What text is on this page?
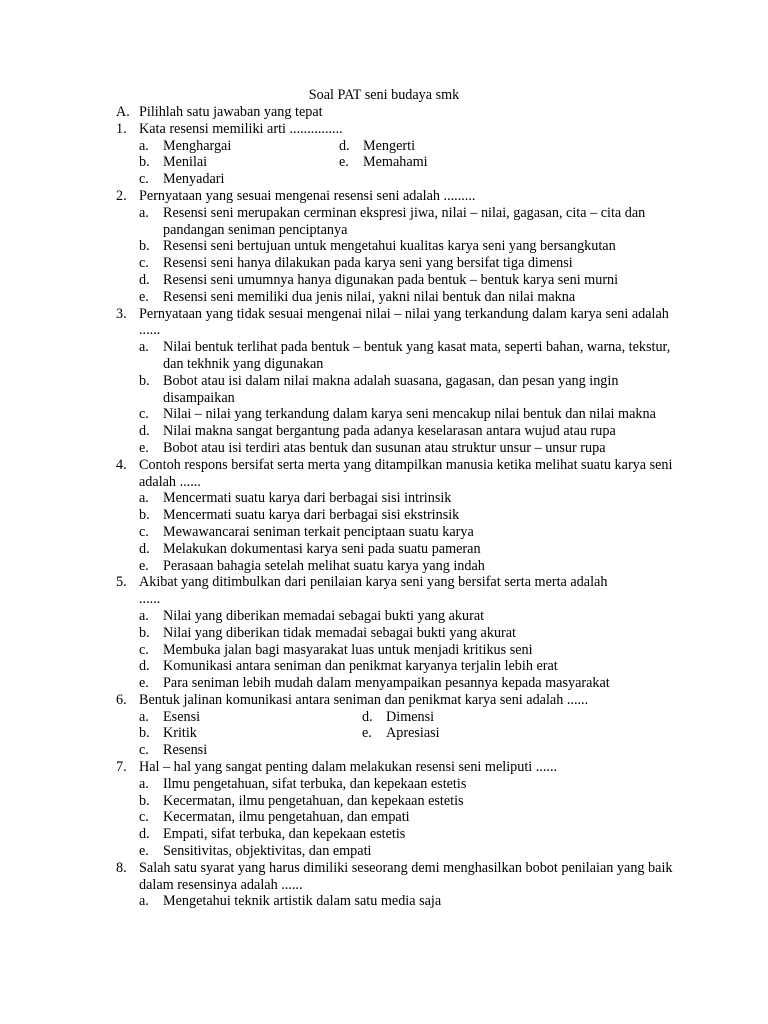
Soal PAT seni budaya smk
A. Pilihlah satu jawaban yang tepat
1. Kata resensi memiliki arti ...............
a. Menghargai	d. Mengerti
b. Menilai	e. Memahami
c. Menyadari
2. Pernyataan yang sesuai mengenai resensi seni adalah .........
a. Resensi seni merupakan cerminan ekspresi jiwa, nilai – nilai, gagasan, cita – cita dan pandangan seniman penciptanya
b. Resensi seni bertujuan untuk mengetahui kualitas karya seni yang bersangkutan
c. Resensi seni hanya dilakukan pada karya seni yang bersifat tiga dimensi
d. Resensi seni umumnya hanya digunakan pada bentuk – bentuk karya seni murni
e. Resensi seni memiliki dua jenis nilai, yakni nilai bentuk dan nilai makna
3. Pernyataan yang tidak sesuai mengenai nilai – nilai yang terkandung dalam karya seni adalah ......
a. Nilai bentuk terlihat pada bentuk – bentuk yang kasat mata, seperti bahan, warna, tekstur, dan tekhnik yang digunakan
b. Bobot atau isi dalam nilai makna adalah suasana, gagasan, dan pesan yang ingin disampaikan
c. Nilai – nilai yang terkandung dalam karya seni mencakup nilai bentuk dan nilai makna
d. Nilai makna sangat bergantung pada adanya keselarasan antara wujud atau rupa
e. Bobot atau isi terdiri atas bentuk dan susunan atau struktur unsur – unsur rupa
4. Contoh respons bersifat serta merta yang ditampilkan manusia ketika melihat suatu karya seni adalah ......
a. Mencermati suatu karya dari berbagai sisi intrinsik
b. Mencermati suatu karya dari berbagai sisi ekstrinsik
c. Mewawancarai seniman terkait penciptaan suatu karya
d. Melakukan dokumentasi karya seni pada suatu pameran
e. Perasaan bahagia setelah melihat suatu karya yang indah
5. Akibat yang ditimbulkan dari penilaian karya seni yang bersifat serta merta adalah ......
a. Nilai yang diberikan memadai sebagai bukti yang akurat
b. Nilai yang diberikan tidak memadai sebagai bukti yang akurat
c. Membuka jalan bagi masyarakat luas untuk menjadi kritikus seni
d. Komunikasi antara seniman dan penikmat karyanya terjalin lebih erat
e. Para seniman lebih mudah dalam menyampaikan pesannya kepada masyarakat
6. Bentuk jalinan komunikasi antara seniman dan penikmat karya seni adalah ......
a. Esensi	d. Dimensi
b. Kritik	e. Apresiasi
c. Resensi
7. Hal – hal yang sangat penting dalam melakukan resensi seni meliputi ......
a. Ilmu pengetahuan, sifat terbuka, dan kepekaan estetis
b. Kecermatan, ilmu pengetahuan, dan kepekaan estetis
c. Kecermatan, ilmu pengetahuan, dan empati
d. Empati, sifat terbuka, dan kepekaan estetis
e. Sensitivitas, objektivitas, dan empati
8. Salah satu syarat yang harus dimiliki seseorang demi menghasilkan bobot penilaian yang baik dalam resensinya adalah ......
a. Mengetahui teknik artistik dalam satu media saja
